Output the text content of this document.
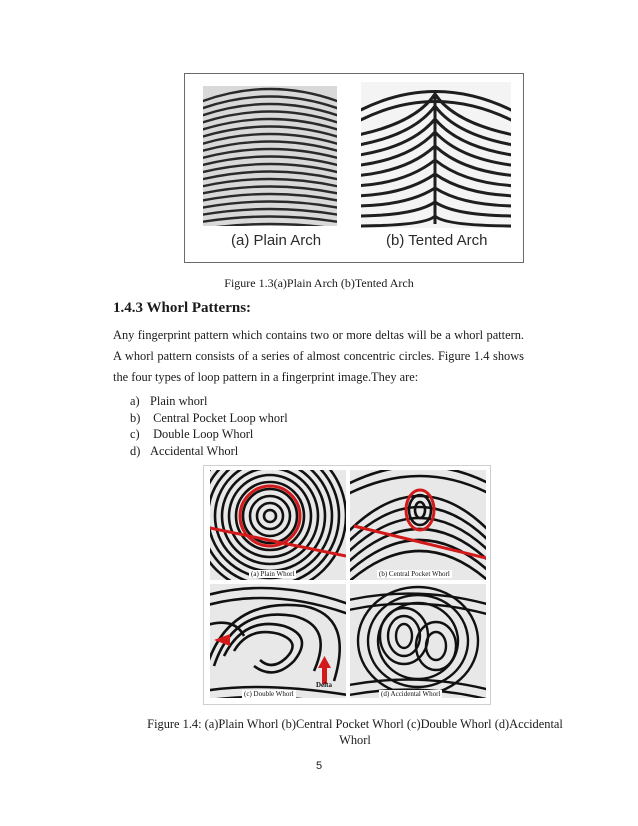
(a) Plain Arch	(b) Tented Arch
Figure 1.3(a)Plain Arch (b)Tented Arch
1.4.3 Whorl Patterns:
Any fingerprint pattern which contains two or more deltas will be a whorl pattern. A whorl pattern consists of a series of almost concentric circles. Figure 1.4 shows the four types of loop pattern in a fingerprint image.They are:
a) Plain whorl
b) Central Pocket Loop whorl
c) Double Loop Whorl
d) Accidental Whorl
(a) Plain Whorl	(b) Central Pocket Whorl
(c) Double Whorl
Delta
(d) Accidental Whorl
Figure 1.4: (a)Plain Whorl (b)Central Pocket Whorl (c)Double Whorl (d)Accidental
Whorl
5
